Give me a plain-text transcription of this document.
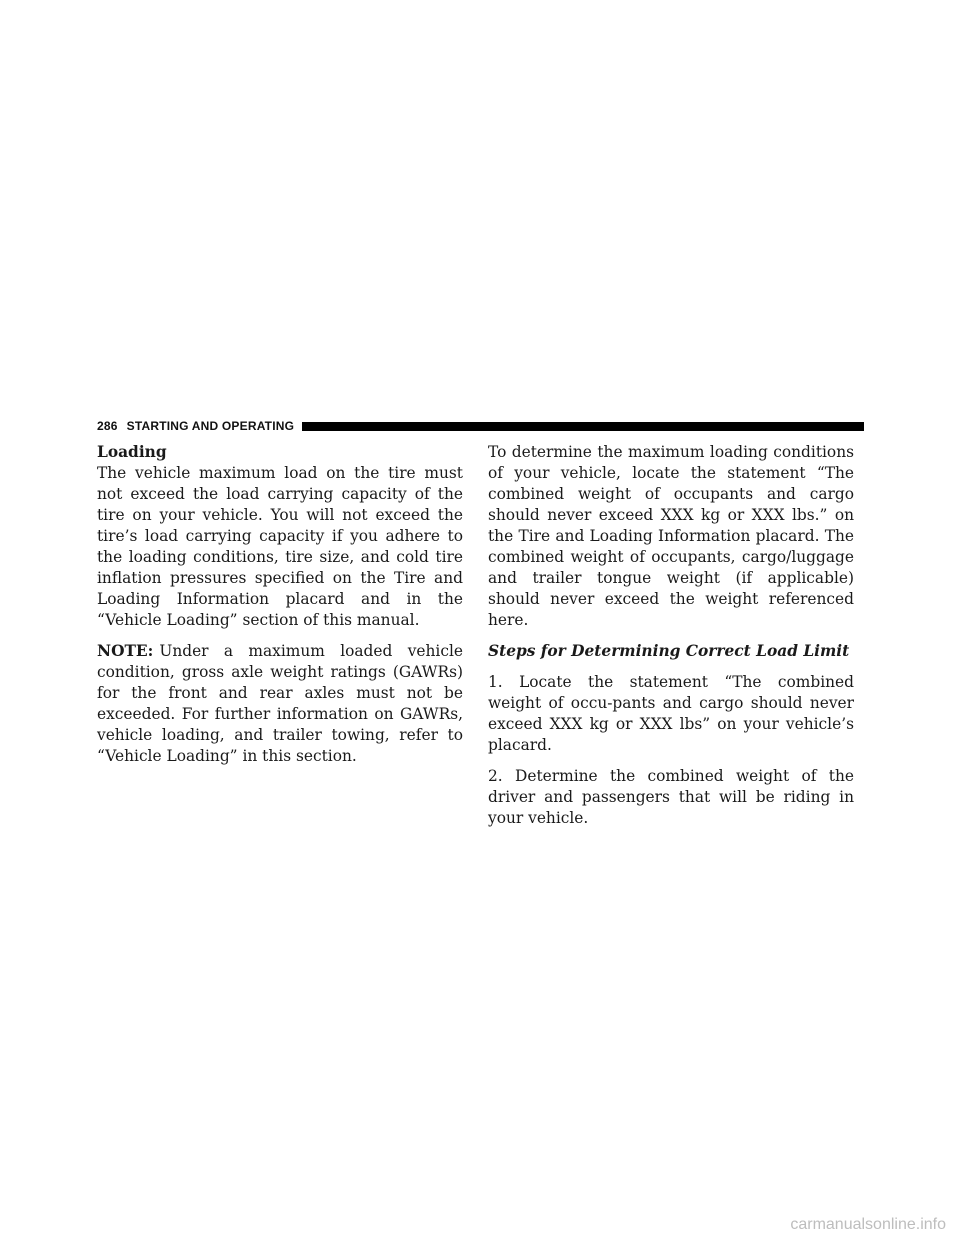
286 STARTING AND OPERATING

Loading

The vehicle maximum load on the tire must not exceed the load carrying capacity of the tire on your vehicle. You will not exceed the tire’s load carrying capacity if you adhere to the loading conditions, tire size, and cold tire inflation pressures specified on the Tire and Loading Information placard and in the “Vehicle Loading” section of this manual.

NOTE: Under a maximum loaded vehicle condition, gross axle weight ratings (GAWRs) for the front and rear axles must not be exceeded. For further information on GAWRs, vehicle loading, and trailer towing, refer to “Vehicle Loading” in this section.

To determine the maximum loading conditions of your vehicle, locate the statement “The combined weight of occupants and cargo should never exceed XXX kg or XXX lbs.” on the Tire and Loading Information placard. The combined weight of occupants, cargo/luggage and trailer tongue weight (if applicable) should never exceed the weight referenced here.

Steps for Determining Correct Load Limit

1. Locate the statement “The combined weight of occu-pants and cargo should never exceed XXX kg or XXX lbs” on your vehicle’s placard.

2. Determine the combined weight of the driver and passengers that will be riding in your vehicle.

carmanualsonline.info
